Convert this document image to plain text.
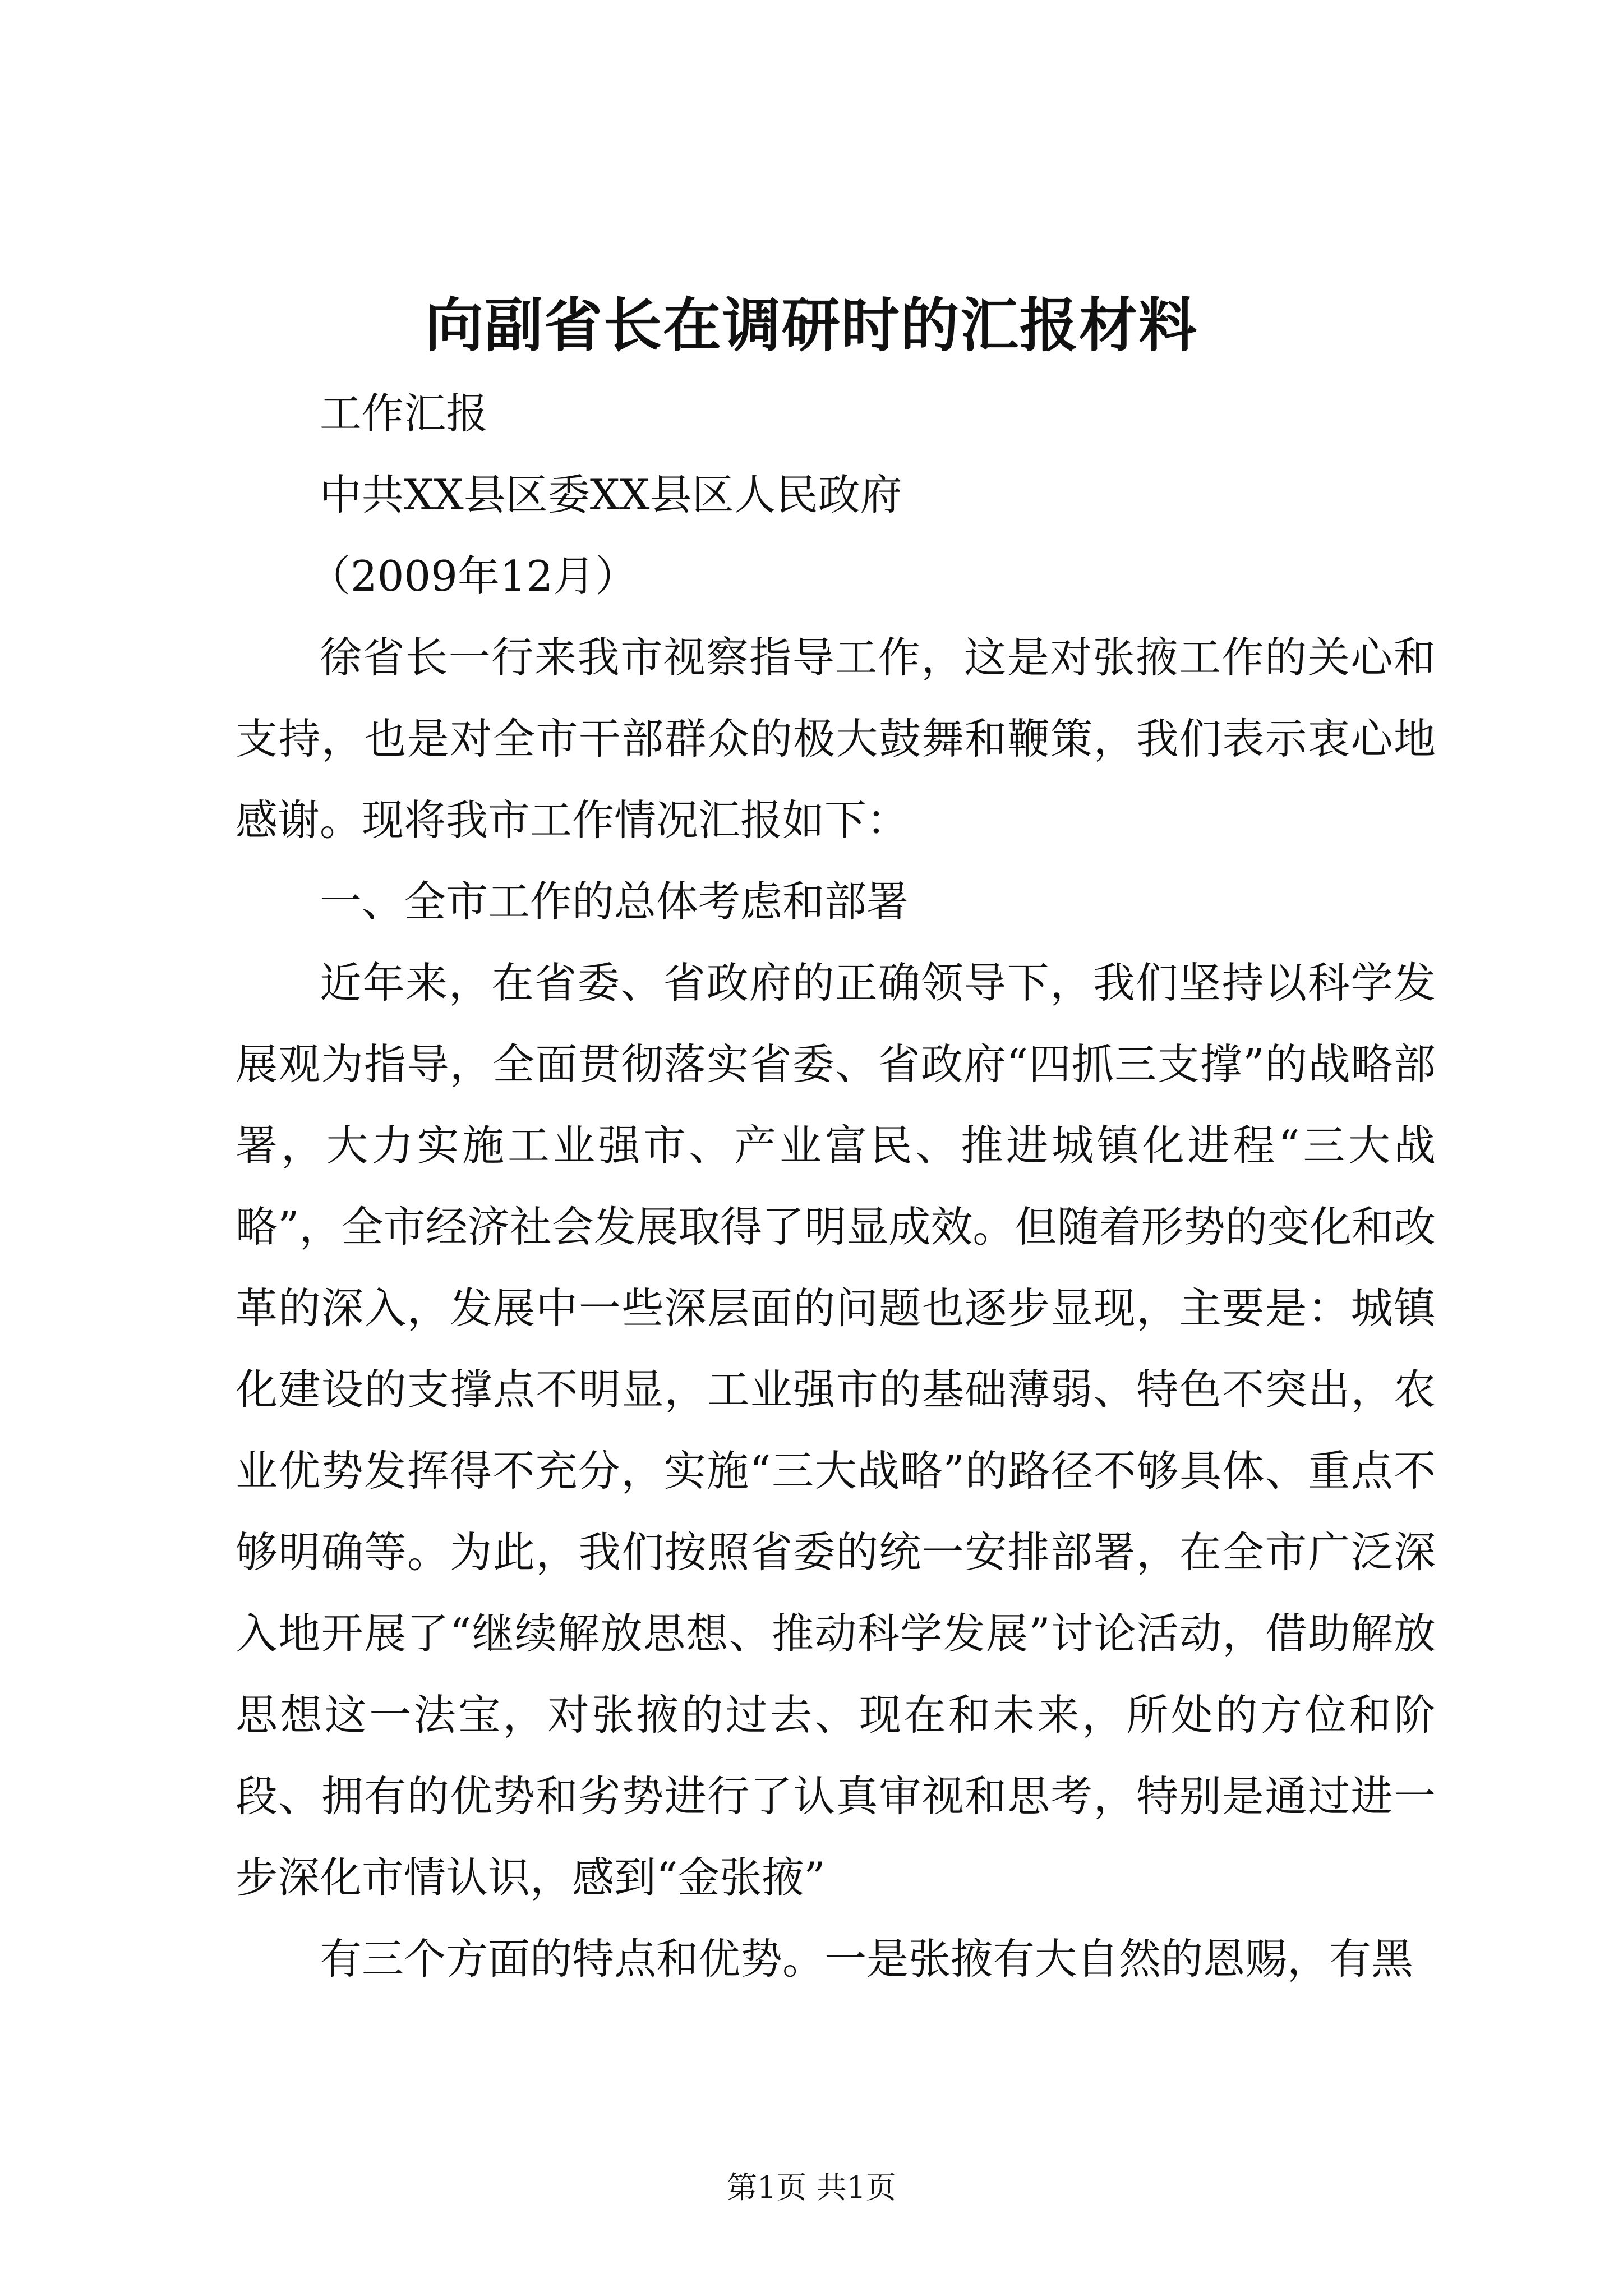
向副省长在调研时的汇报材料

工作汇报

中共XX县区委XX县区人民政府

（2009年12月）

徐省长一行来我市视察指导工作，这是对张掖工作的关心和支持，也是对全市干部群众的极大鼓舞和鞭策，我们表示衷心地感谢。现将我市工作情况汇报如下：

一、全市工作的总体考虑和部署

近年来，在省委、省政府的正确领导下，我们坚持以科学发展观为指导，全面贯彻落实省委、省政府“四抓三支撑”的战略部署，大力实施工业强市、产业富民、推进城镇化进程“三大战略”，全市经济社会发展取得了明显成效。但随着形势的变化和改革的深入，发展中一些深层面的问题也逐步显现，主要是：城镇化建设的支撑点不明显，工业强市的基础薄弱、特色不突出，农业优势发挥得不充分，实施“三大战略”的路径不够具体、重点不够明确等。为此，我们按照省委的统一安排部署，在全市广泛深入地开展了“继续解放思想、推动科学发展”讨论活动，借助解放思想这一法宝，对张掖的过去、现在和未来，所处的方位和阶段、拥有的优势和劣势进行了认真审视和思考，特别是通过进一步深化市情认识，感到“金张掖”

有三个方面的特点和优势。一是张掖有大自然的恩赐，有黑

第1页 共1页
